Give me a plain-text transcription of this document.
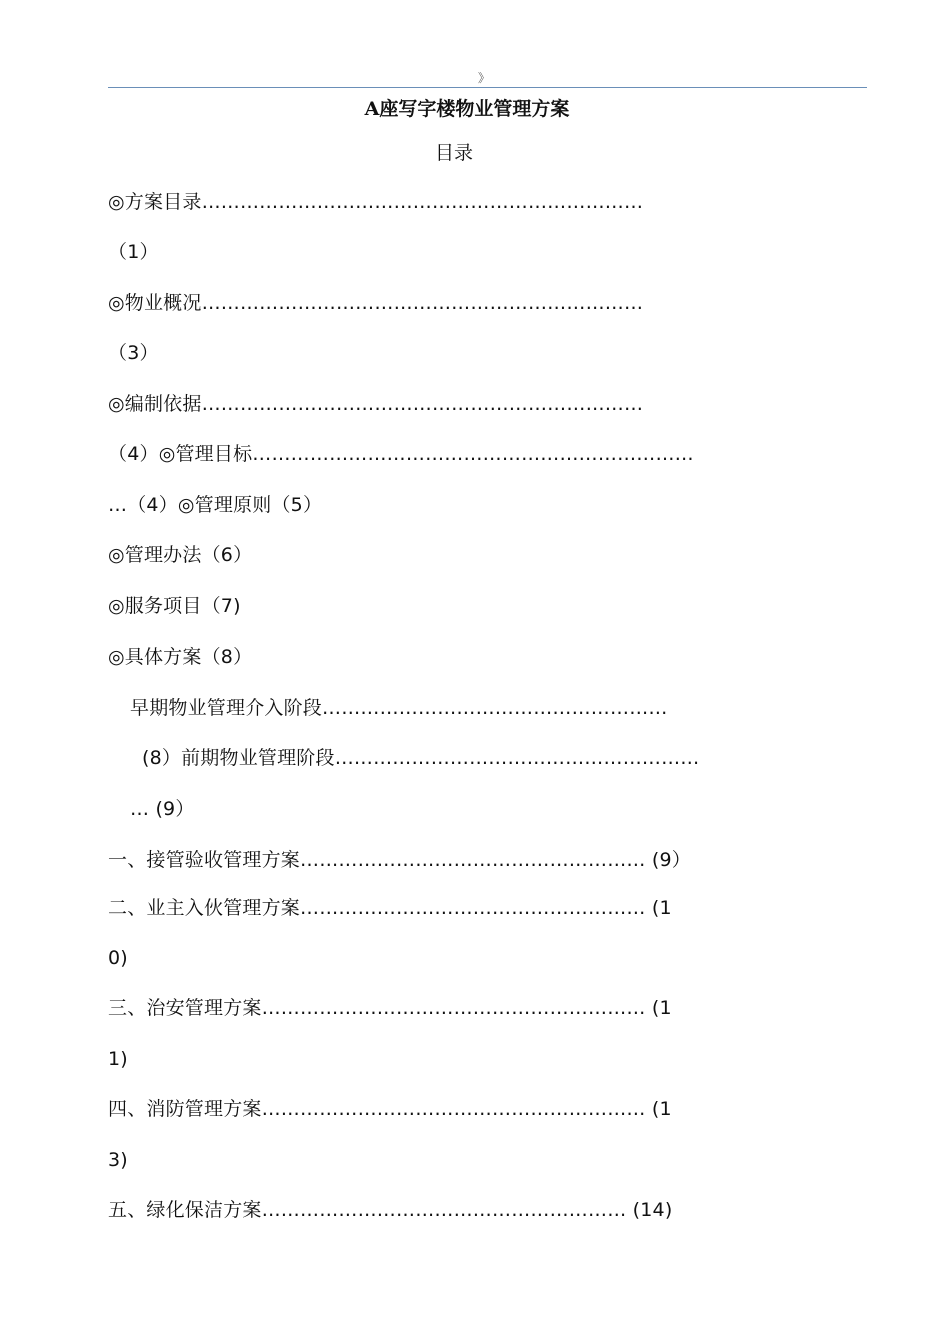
》
A座写字楼物业管理方案
目录
◎方案目录……………………………………………………………
（1）
◎物业概况……………………………………………………………
（3）
◎编制依据……………………………………………………………
（4）◎管理目标……………………………………………………………
…（4）◎管理原则（5）
◎管理办法（6）
◎服务项目（7)
◎具体方案（8）
早期物业管理介入阶段………………………………………………
(8）前期物业管理阶段…………………………………………………
… (9）
一、接管验收管理方案……………………………………………… (9）
二、业主入伙管理方案……………………………………………… (1
0)
三、治安管理方案…………………………………………………… (1
1)
四、消防管理方案…………………………………………………… (1
3)
五、绿化保洁方案………………………………………………… (14)
